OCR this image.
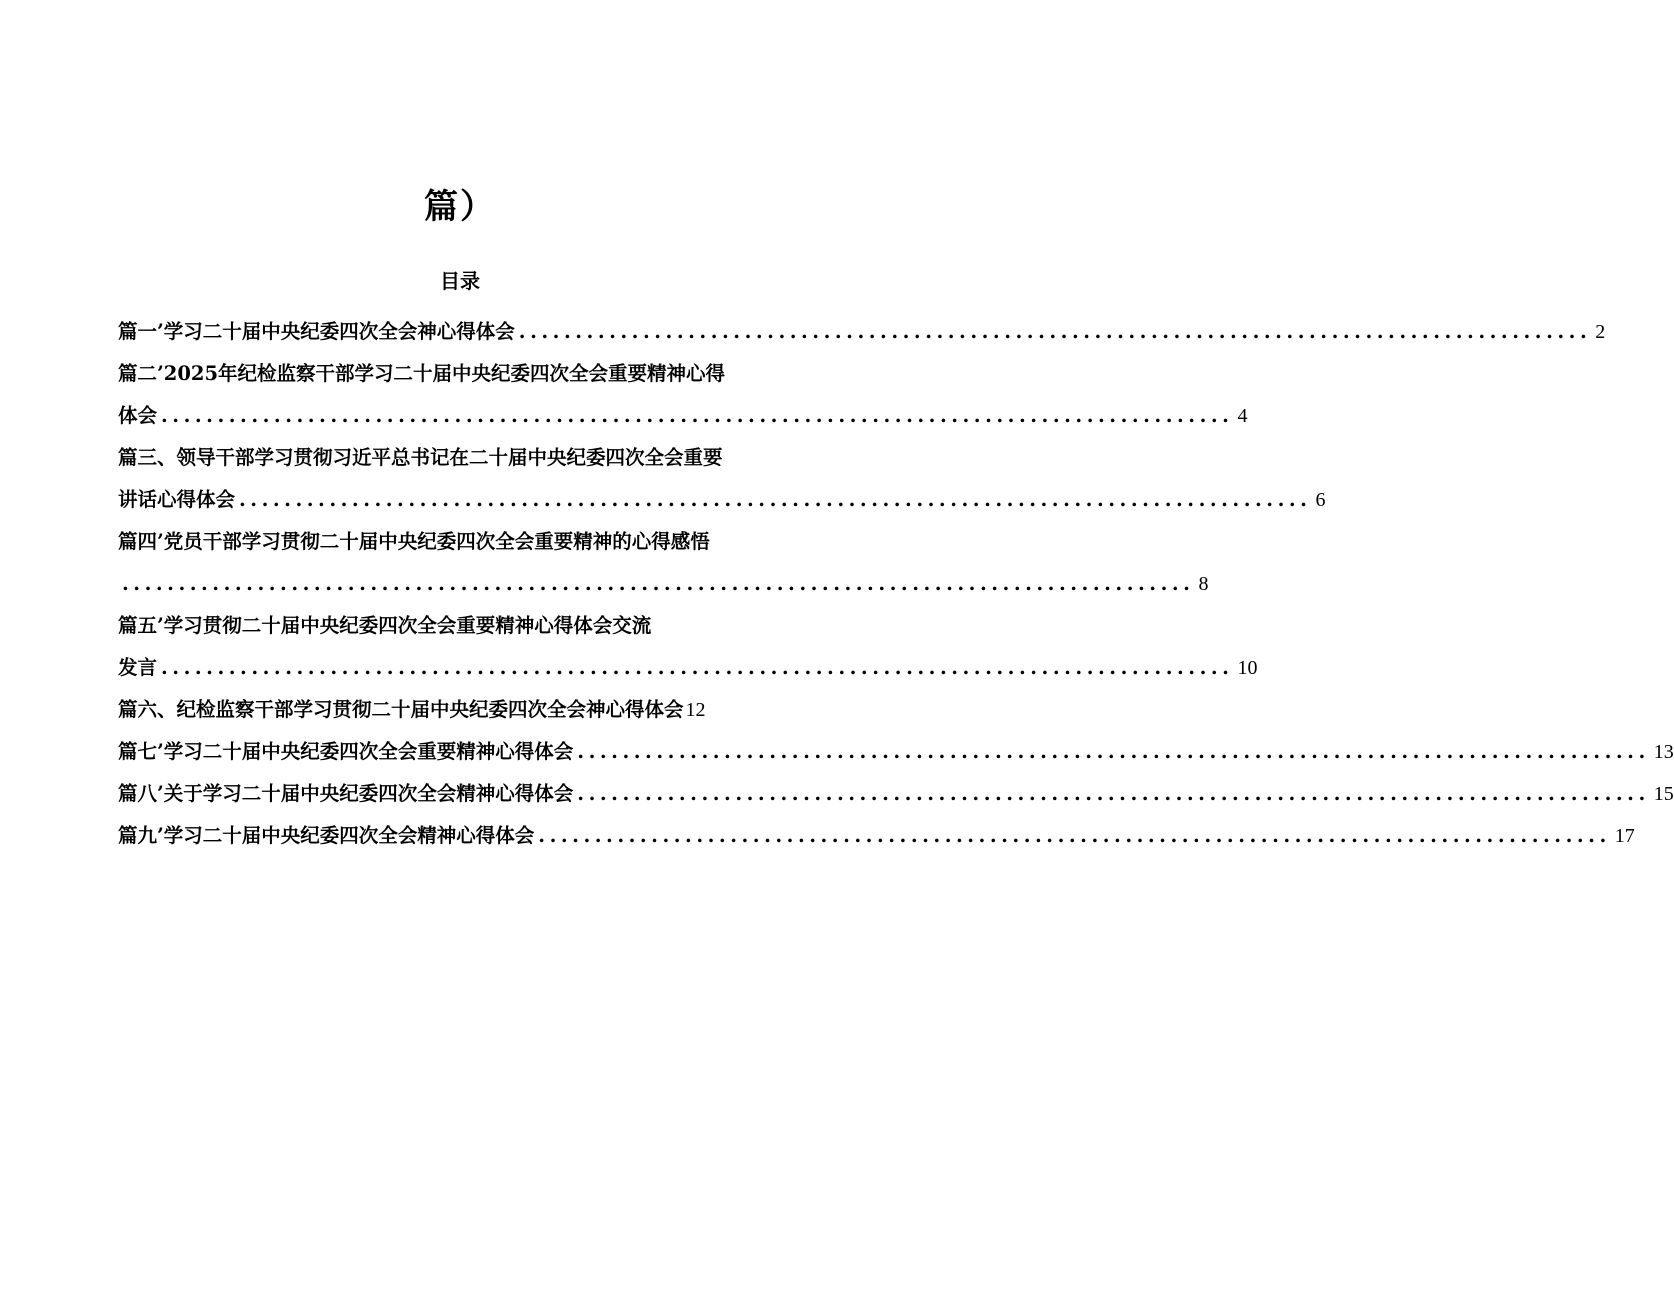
篇）
目录
篇一’学习二十届中央纪委四次全会神心得体会 ............................................................................................... 2
篇二’2025年纪检监察干部学习二十届中央纪委四次全会重要精神心得
体会 ............................................................................................... 4
篇三、领导干部学习贯彻习近平总书记在二十届中央纪委四次全会重要
讲话心得体会 ............................................................................................... 6
篇四’党员干部学习贯彻二十届中央纪委四次全会重要精神的心得感悟
............................................................................................... 8
篇五’学习贯彻二十届中央纪委四次全会重要精神心得体会交流
发言 ............................................................................................... 10
篇六、纪检监察干部学习贯彻二十届中央纪委四次全会神心得体会 12
篇七’学习二十届中央纪委四次全会重要精神心得体会 ............................................................................................... 13
篇八’关于学习二十届中央纪委四次全会精神心得体会 ............................................................................................... 15
篇九’学习二十届中央纪委四次全会精神心得体会 ............................................................................................... 17
